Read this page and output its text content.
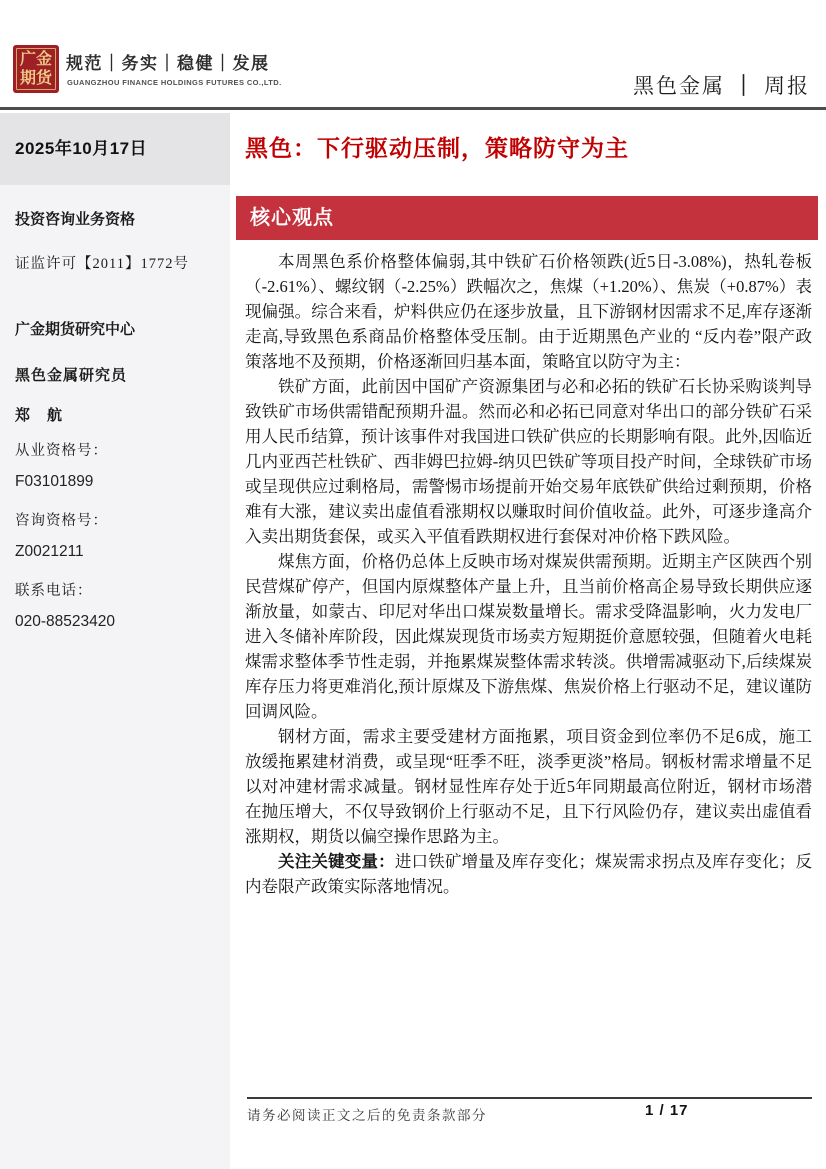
广金
期货
规范｜务实｜稳健｜发展
GUANGZHOU FINANCE HOLDINGS FUTURES CO.,LTD.	黑色金属 ｜ 周报
2025年10月17日
投资咨询业务资格
证监许可【2011】1772号
广金期货研究中心
黑色金属研究员
郑　航
从业资格号：
F03101899
咨询资格号：
Z0021211
联系电话：
020-88523420
黑色：下行驱动压制，策略防守为主
核心观点

本周黑色系价格整体偏弱,其中铁矿石价格领跌(近5日-3.08%)，热轧卷板（-2.61%）、螺纹钢（-2.25%）跌幅次之，焦煤（+1.20%）、焦炭（+0.87%）表现偏强。综合来看，炉料供应仍在逐步放量，且下游钢材因需求不足,库存逐渐走高,导致黑色系商品价格整体受压制。由于近期黑色产业的 “反内卷”限产政策落地不及预期，价格逐渐回归基本面，策略宜以防守为主：

铁矿方面，此前因中国矿产资源集团与必和必拓的铁矿石长协采购谈判导致铁矿市场供需错配预期升温。然而必和必拓已同意对华出口的部分铁矿石采用人民币结算，预计该事件对我国进口铁矿供应的长期影响有限。此外,因临近几内亚西芒杜铁矿、西非姆巴拉姆-纳贝巴铁矿等项目投产时间，全球铁矿市场或呈现供应过剩格局，需警惕市场提前开始交易年底铁矿供给过剩预期，价格难有大涨，建议卖出虚值看涨期权以赚取时间价值收益。此外，可逐步逢高介入卖出期货套保，或买入平值看跌期权进行套保对冲价格下跌风险。

煤焦方面，价格仍总体上反映市场对煤炭供需预期。近期主产区陕西个别民营煤矿停产，但国内原煤整体产量上升，且当前价格高企易导致长期供应逐渐放量，如蒙古、印尼对华出口煤炭数量增长。需求受降温影响，火力发电厂进入冬储补库阶段，因此煤炭现货市场卖方短期挺价意愿较强，但随着火电耗煤需求整体季节性走弱，并拖累煤炭整体需求转淡。供增需减驱动下,后续煤炭库存压力将更难消化,预计原煤及下游焦煤、焦炭价格上行驱动不足，建议谨防回调风险。

钢材方面，需求主要受建材方面拖累，项目资金到位率仍不足6成，施工放缓拖累建材消费，或呈现“旺季不旺，淡季更淡”格局。钢板材需求增量不足以对冲建材需求减量。钢材显性库存处于近5年同期最高位附近，钢材市场潜在抛压增大，不仅导致钢价上行驱动不足，且下行风险仍存，建议卖出虚值看涨期权，期货以偏空操作思路为主。

关注关键变量：进口铁矿增量及库存变化；煤炭需求拐点及库存变化；反内卷限产政策实际落地情况。

请务必阅读正文之后的免责条款部分	1 / 17
